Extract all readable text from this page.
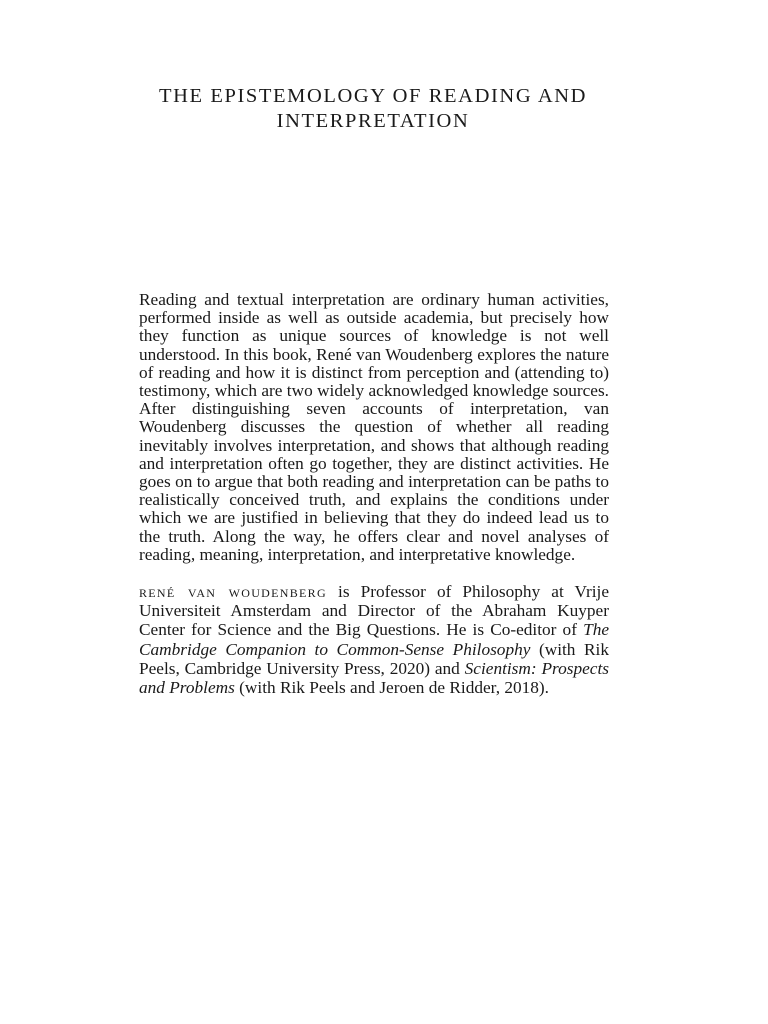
THE EPISTEMOLOGY OF READING AND
INTERPRETATION

Reading and textual interpretation are ordinary human activities, performed inside as well as outside academia, but precisely how they function as unique sources of knowledge is not well understood. In this book, René van Woudenberg explores the nature of reading and how it is distinct from perception and (attending to) testimony, which are two widely acknowledged knowledge sources. After distinguishing seven accounts of interpretation, van Woudenberg discusses the question of whether all reading inevitably involves interpretation, and shows that although reading and interpretation often go together, they are distinct activities. He goes on to argue that both reading and interpretation can be paths to realistically conceived truth, and explains the conditions under which we are justified in believing that they do indeed lead us to the truth. Along the way, he offers clear and novel analyses of reading, meaning, interpretation, and interpretative knowledge.

rené van woudenberg is Professor of Philosophy at Vrije Universiteit Amsterdam and Director of the Abraham Kuyper Center for Science and the Big Questions. He is Co-editor of The Cambridge Companion to Common-Sense Philosophy (with Rik Peels, Cambridge University Press, 2020) and Scientism: Prospects and Problems (with Rik Peels and Jeroen de Ridder, 2018).
